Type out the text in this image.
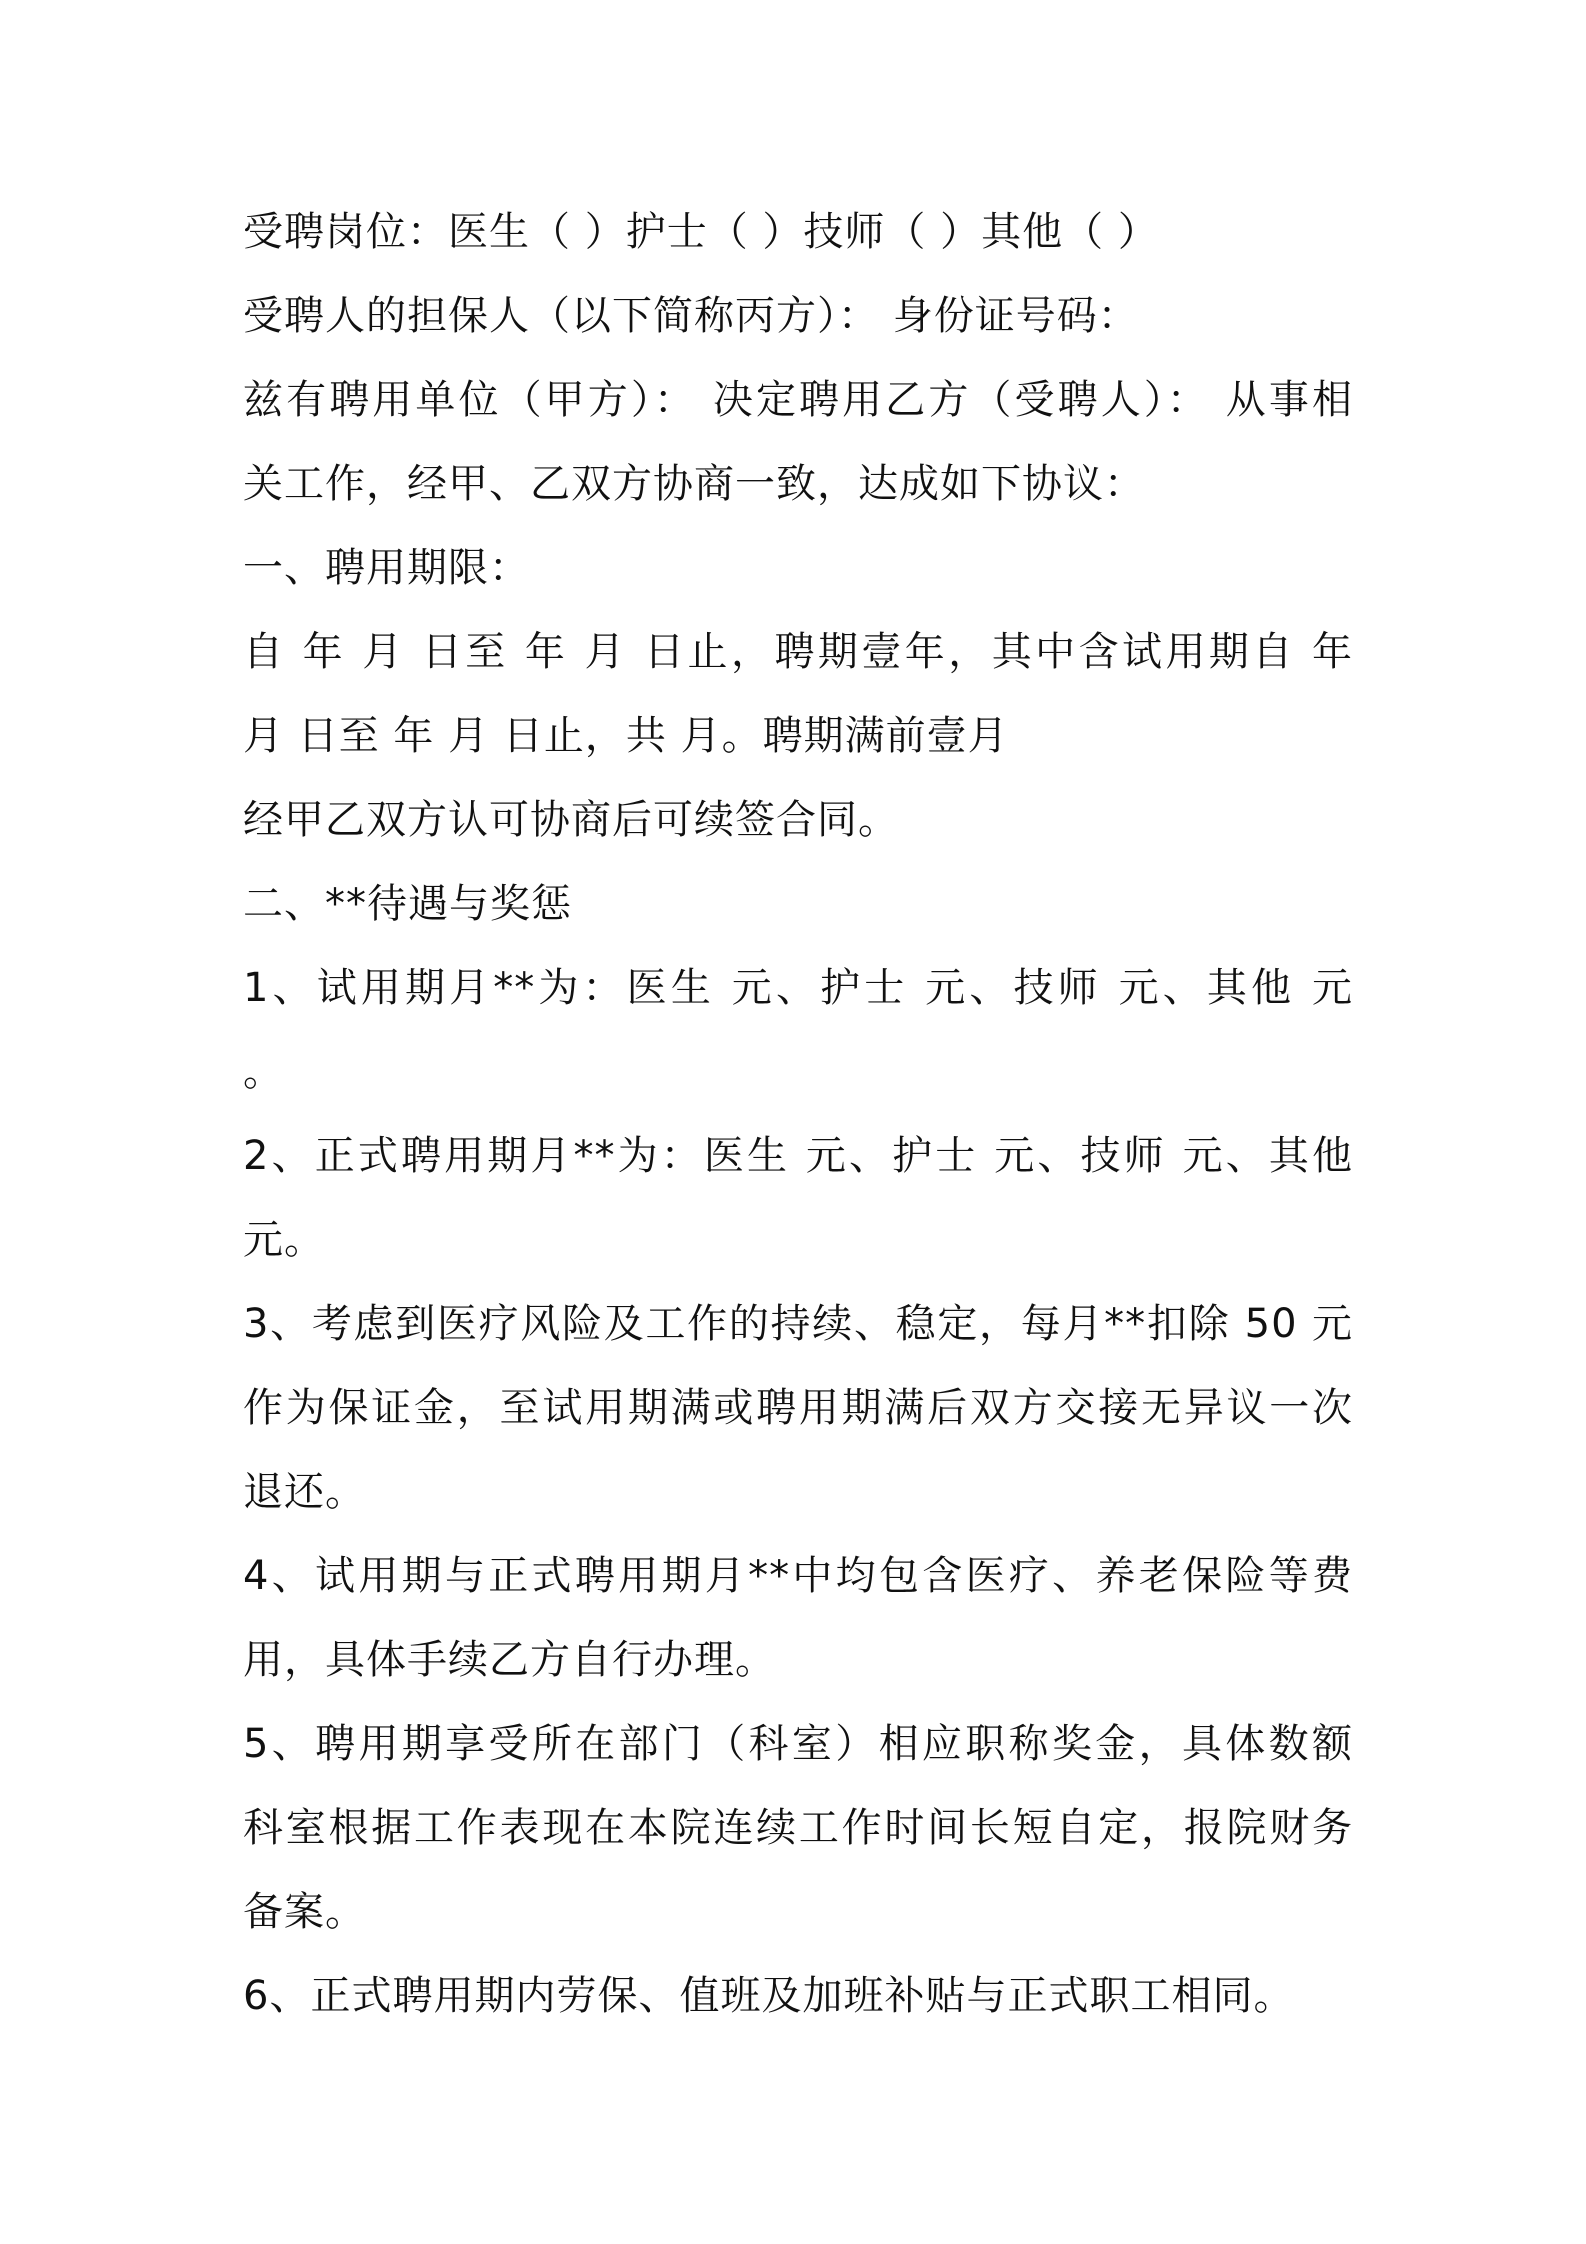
受聘岗位：医生（ ）护士（ ）技师（ ）其他（ ）
受聘人的担保人（以下简称丙方）： 身份证号码：
兹有聘用单位（甲方）： 决定聘用乙方（受聘人）： 从事相
关工作，经甲、乙双方协商一致，达成如下协议：
一、聘用期限：
自 年 月 日至 年 月 日止，聘期壹年，其中含试用期自 年
月 日至 年 月 日止，共 月。聘期满前壹月
经甲乙双方认可协商后可续签合同。
二、**待遇与奖惩
1、试用期月**为：医生 元、护士 元、技师 元、其他 元
。
2、正式聘用期月**为：医生 元、护士 元、技师 元、其他
元。
3、考虑到医疗风险及工作的持续、稳定，每月**扣除 50 元
作为保证金，至试用期满或聘用期满后双方交接无异议一次
退还。
4、试用期与正式聘用期月**中均包含医疗、养老保险等费
用，具体手续乙方自行办理。
5、聘用期享受所在部门（科室）相应职称奖金，具体数额
科室根据工作表现在本院连续工作时间长短自定，报院财务
备案。
6、正式聘用期内劳保、值班及加班补贴与正式职工相同。
